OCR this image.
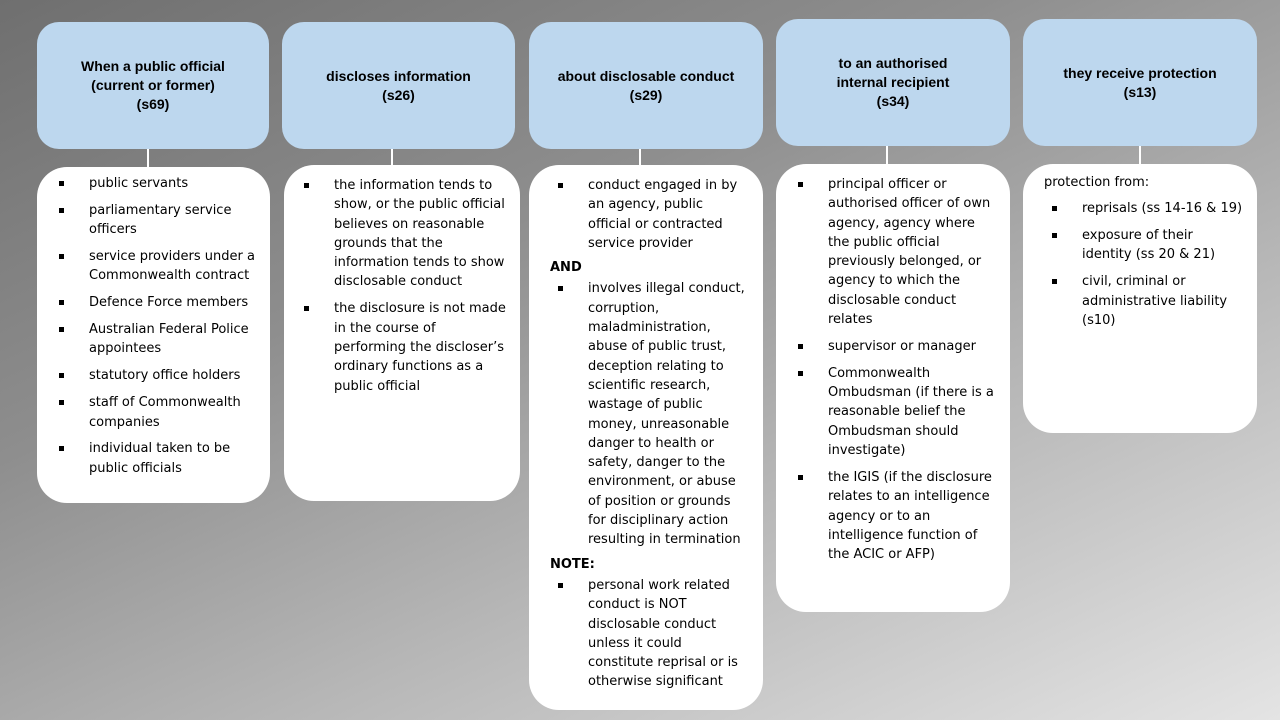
When a public official
(current or former)
(s69)
public servants
parliamentary service officers
service providers under a Commonwealth contract
Defence Force members
Australian Federal Police appointees
statutory office holders
staff of Commonwealth companies
individual taken to be public officials
discloses information
(s26)
the information tends to show, or the public official believes on reasonable grounds that the information tends to show disclosable conduct
the disclosure is not made in the course of performing the discloser’s ordinary functions as a public official
about disclosable conduct
(s29)
conduct engaged in by an agency, public official or contracted service provider
AND
involves illegal conduct, corruption, maladministration, abuse of public trust, deception relating to scientific research, wastage of public money, unreasonable danger to health or safety, danger to the environment, or abuse of position or grounds for disciplinary action resulting in termination
NOTE:
personal work related conduct is NOT disclosable conduct unless it could constitute reprisal or is otherwise significant
to an authorised
internal recipient
(s34)
principal officer or authorised officer of own agency, agency where the public official previously belonged, or agency to which the disclosable conduct relates
supervisor or manager
Commonwealth Ombudsman (if there is a reasonable belief the Ombudsman should investigate)
the IGIS (if the disclosure relates to an intelligence agency or to an intelligence function of the ACIC or AFP)
they receive protection
(s13)
protection from:
reprisals (ss 14-16 & 19)
exposure of their identity (ss 20 & 21)
civil, criminal or administrative liability (s10)
